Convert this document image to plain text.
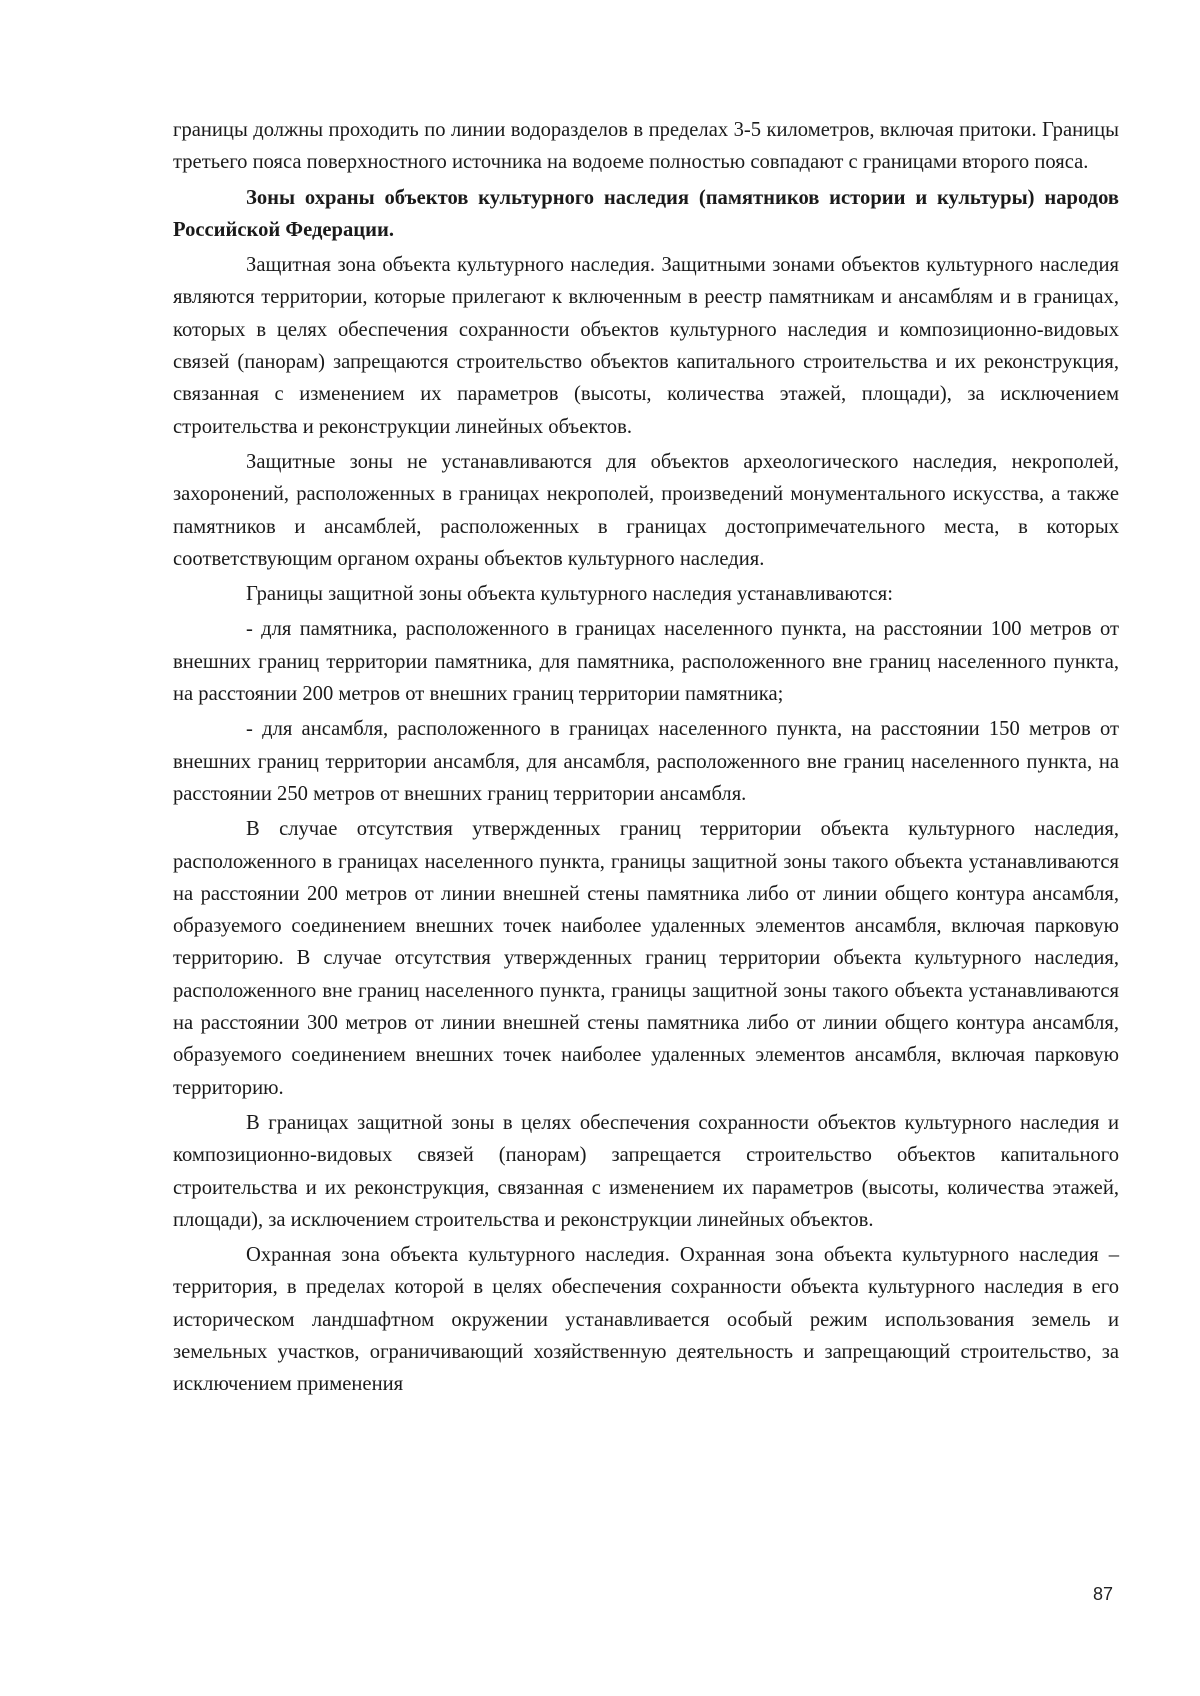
границы должны проходить по линии водоразделов в пределах 3-5 километров, включая притоки. Границы третьего пояса поверхностного источника на водоеме полностью совпадают с границами второго пояса.

Зоны охраны объектов культурного наследия (памятников истории и культуры) народов Российской Федерации.

Защитная зона объекта культурного наследия. Защитными зонами объектов культурного наследия являются территории, которые прилегают к включенным в реестр памятникам и ансамблям и в границах, которых в целях обеспечения сохранности объектов культурного наследия и композиционно-видовых связей (панорам) запрещаются строительство объектов капитального строительства и их реконструкция, связанная с изменением их параметров (высоты, количества этажей, площади), за исключением строительства и реконструкции линейных объектов.

Защитные зоны не устанавливаются для объектов археологического наследия, некрополей, захоронений, расположенных в границах некрополей, произведений монументального искусства, а также памятников и ансамблей, расположенных в границах достопримечательного места, в которых соответствующим органом охраны объектов культурного наследия.

Границы защитной зоны объекта культурного наследия устанавливаются:

- для памятника, расположенного в границах населенного пункта, на расстоянии 100 метров от внешних границ территории памятника, для памятника, расположенного вне границ населенного пункта, на расстоянии 200 метров от внешних границ территории памятника;

- для ансамбля, расположенного в границах населенного пункта, на расстоянии 150 метров от внешних границ территории ансамбля, для ансамбля, расположенного вне границ населенного пункта, на расстоянии 250 метров от внешних границ территории ансамбля.

В случае отсутствия утвержденных границ территории объекта культурного наследия, расположенного в границах населенного пункта, границы защитной зоны такого объекта устанавливаются на расстоянии 200 метров от линии внешней стены памятника либо от линии общего контура ансамбля, образуемого соединением внешних точек наиболее удаленных элементов ансамбля, включая парковую территорию. В случае отсутствия утвержденных границ территории объекта культурного наследия, расположенного вне границ населенного пункта, границы защитной зоны такого объекта устанавливаются на расстоянии 300 метров от линии внешней стены памятника либо от линии общего контура ансамбля, образуемого соединением внешних точек наиболее удаленных элементов ансамбля, включая парковую территорию.

В границах защитной зоны в целях обеспечения сохранности объектов культурного наследия и композиционно-видовых связей (панорам) запрещается строительство объектов капитального строительства и их реконструкция, связанная с изменением их параметров (высоты, количества этажей, площади), за исключением строительства и реконструкции линейных объектов.

Охранная зона объекта культурного наследия. Охранная зона объекта культурного наследия – территория, в пределах которой в целях обеспечения сохранности объекта культурного наследия в его историческом ландшафтном окружении устанавливается особый режим использования земель и земельных участков, ограничивающий хозяйственную деятельность и запрещающий строительство, за исключением применения

87
